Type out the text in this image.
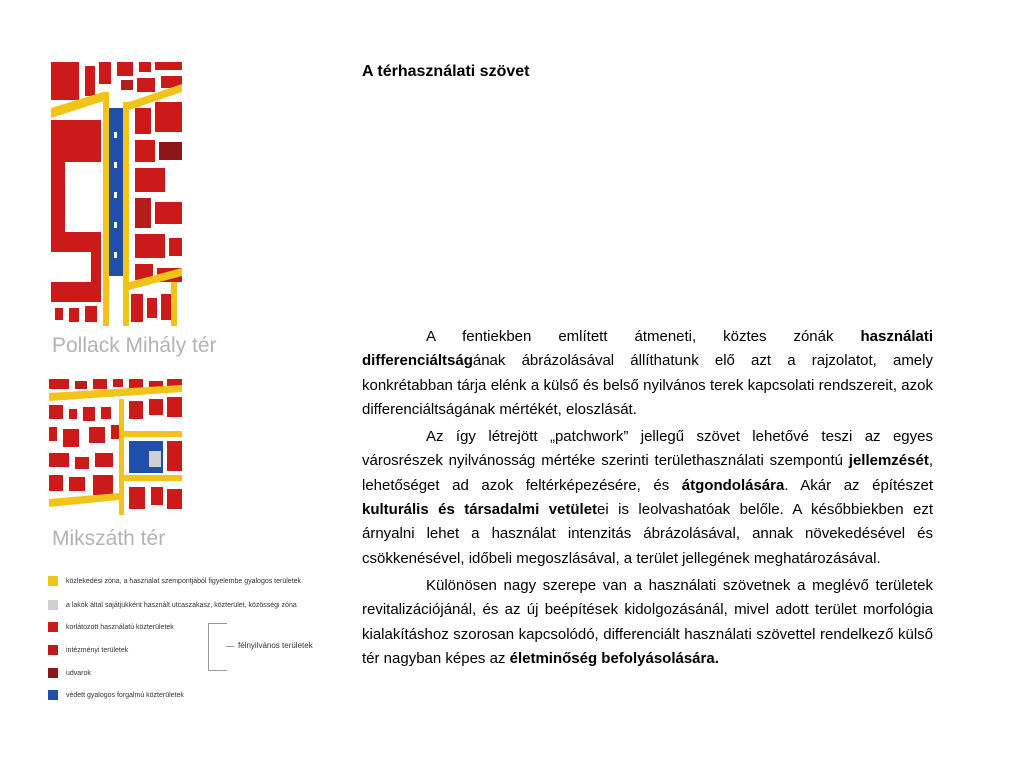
Pollack Mihály tér
Mikszáth tér
közlekedési zóna, a használat szempontjából figyelembe gyalogos területek
a lakók által sajátjukként használt utcaszakasz, közterület, közösségi zóna
korlátozott használatú közterületek
intézményi területek
udvarok
védett gyalogos forgalmú közterületek
félnyilvános területek
A térhasználati szövet

A fentiekben említett átmeneti, köztes zónák használati differenciáltságának ábrázolásával állíthatunk elő azt a rajzolatot, amely konkrétabban tárja elénk a külső és belső nyilvános terek kapcsolati rendszereit, azok differenciáltságának mértékét, eloszlását.

Az így létrejött „patchwork” jellegű szövet lehetővé teszi az egyes városrészek nyilvánosság mértéke szerinti területhasználati szempontú jellemzését, lehetőséget ad azok feltérképezésére, és átgondolására. Akár az építészet kulturális és társadalmi vetületei is leolvashatóak belőle. A későbbiekben ezt árnyalni lehet a használat intenzitás ábrázolásával, annak növekedésével és csökkenésével, időbeli megoszlásával, a terület jellegének meghatározásával.

Különösen nagy szerepe van a használati szövetnek a meglévő területek revitalizációjánál, és az új beépítések kidolgozásánál, mivel adott terület morfológia kialakításhoz szorosan kapcsolódó, differenciált használati szövettel rendelkező külső tér nagyban képes az életminőség befolyásolására.
